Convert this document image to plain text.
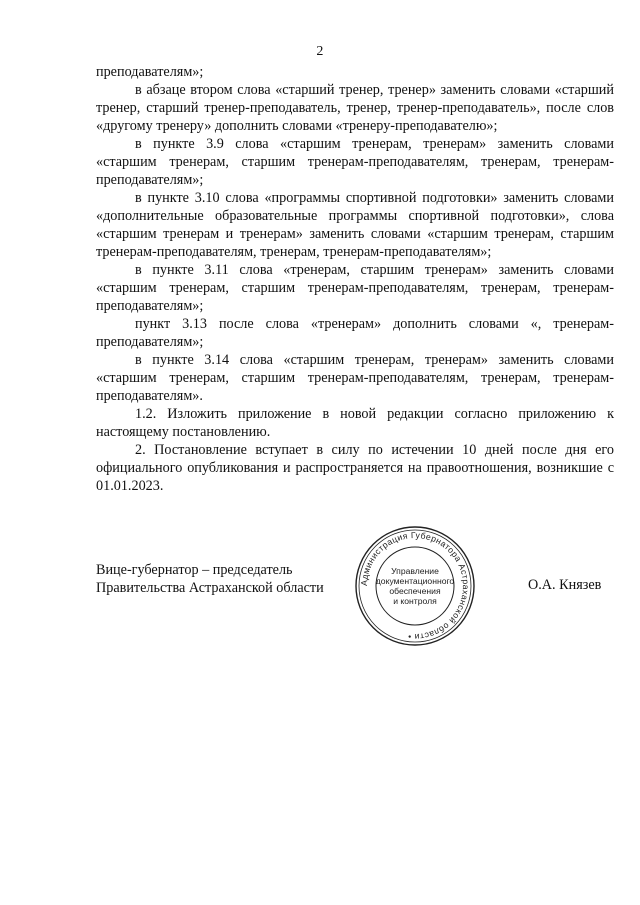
2

преподавателям»;

в абзаце втором слова «старший тренер, тренер» заменить словами «старший тренер, старший тренер-преподаватель, тренер, тренер-преподаватель», после слов «другому тренеру» дополнить словами «тренеру-преподавателю»;

в пункте 3.9 слова «старшим тренерам, тренерам» заменить словами «старшим тренерам, старшим тренерам-преподавателям, тренерам, тренерам-преподавателям»;

в пункте 3.10 слова «программы спортивной подготовки» заменить словами «дополнительные образовательные программы спортивной подготовки», слова «старшим тренерам и тренерам» заменить словами «старшим тренерам, старшим тренерам-преподавателям, тренерам, тренерам-преподавателям»;

в пункте 3.11 слова «тренерам, старшим тренерам» заменить словами «старшим тренерам, старшим тренерам-преподавателям, тренерам, тренерам-преподавателям»;

пункт 3.13 после слова «тренерам» дополнить словами «, тренерам-преподавателям»;

в пункте 3.14 слова «старшим тренерам, тренерам» заменить словами «старшим тренерам, старшим тренерам-преподавателям, тренерам, тренерам-преподавателям».

1.2. Изложить приложение в новой редакции согласно приложению к настоящему постановлению.

2. Постановление вступает в силу по истечении 10 дней после дня его официального опубликования и распространяется на правоотношения, возникшие с 01.01.2023.

Вице-губернатор – председатель
Правительства Астраханской области	Администрация Губернатора Астраханской области •
Управление
документационного
обеспечения
и контроля
О.А. Князев
